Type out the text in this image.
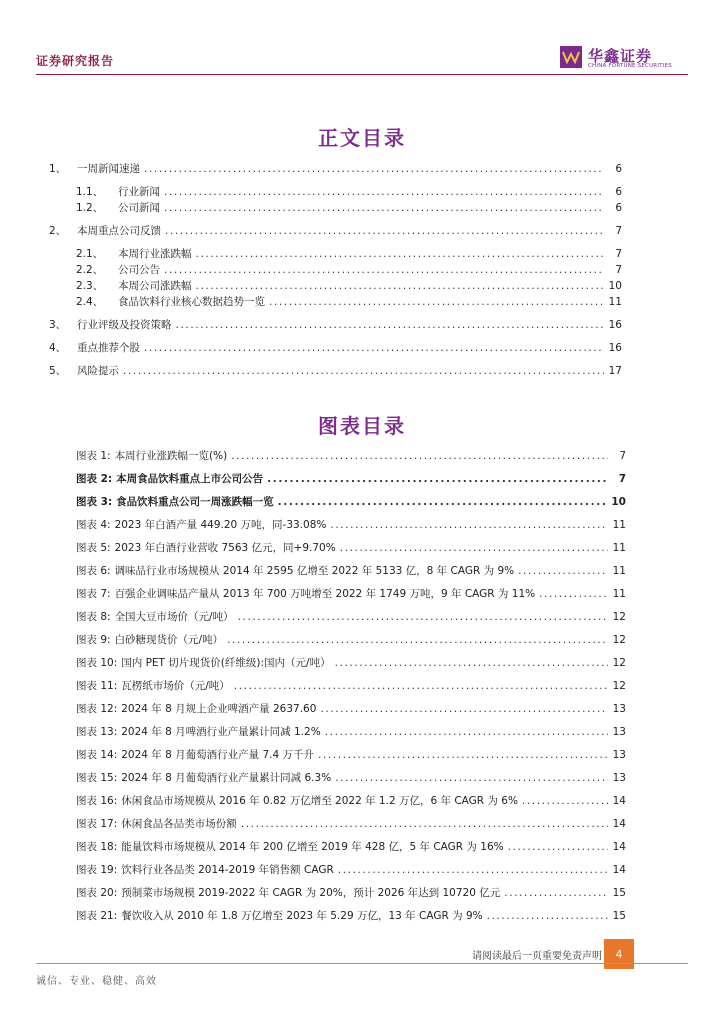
证券研究报告	华鑫证券
CHINA FORTUNE SECURITIES
正文目录
1、	一周新闻速递 .....	6
1.1、	行业新闻 .....	6
1.2、	公司新闻 .....	6
2、	本周重点公司反馈 .....	7
2.1、	本周行业涨跌幅 .....	7
2.2、	公司公告 .....	7
2.3、	本周公司涨跌幅 .....	10
2.4、	食品饮料行业核心数据趋势一览 .....	11
3、	行业评级及投资策略 .....	16
4、	重点推荐个股 .....	16
5、	风险提示 .....	17
图表目录
图表 1: 本周行业涨跌幅一览(%) .....	7
图表 2: 本周食品饮料重点上市公司公告 .....	7
图表 3: 食品饮料重点公司一周涨跌幅一览 .....	10
图表 4: 2023 年白酒产量 449.20 万吨，同-33.08% .....	11
图表 5: 2023 年白酒行业营收 7563 亿元，同+9.70% .....	11
图表 6: 调味品行业市场规模从 2014 年 2595 亿增至 2022 年 5133 亿，8 年 CAGR 为 9% .....	11
图表 7: 百强企业调味品产量从 2013 年 700 万吨增至 2022 年 1749 万吨，9 年 CAGR 为 11% .....	11
图表 8: 全国大豆市场价（元/吨） .....	12
图表 9: 白砂糖现货价（元/吨） .....	12
图表 10: 国内 PET 切片现货价(纤维级):国内（元/吨） .....	12
图表 11: 瓦楞纸市场价（元/吨） .....	12
图表 12: 2024 年 8 月规上企业啤酒产量 2637.60 .....	13
图表 13: 2024 年 8 月啤酒行业产量累计同减 1.2% .....	13
图表 14: 2024 年 8 月葡萄酒行业产量 7.4 万千升 .....	13
图表 15: 2024 年 8 月葡萄酒行业产量累计同减 6.3% .....	13
图表 16: 休闲食品市场规模从 2016 年 0.82 万亿增至 2022 年 1.2 万亿，6 年 CAGR 为 6% .....	14
图表 17: 休闲食品各品类市场份额 .....	14
图表 18: 能量饮料市场规模从 2014 年 200 亿增至 2019 年 428 亿，5 年 CAGR 为 16% .....	14
图表 19: 饮料行业各品类 2014-2019 年销售额 CAGR .....	14
图表 20: 预制菜市场规模 2019-2022 年 CAGR 为 20%，预计 2026 年达到 10720 亿元 .....	15
图表 21: 餐饮收入从 2010 年 1.8 万亿增至 2023 年 5.29 万亿，13 年 CAGR 为 9% .....	15
请阅读最后一页重要免责声明	4
诚信、专业、稳健、高效
